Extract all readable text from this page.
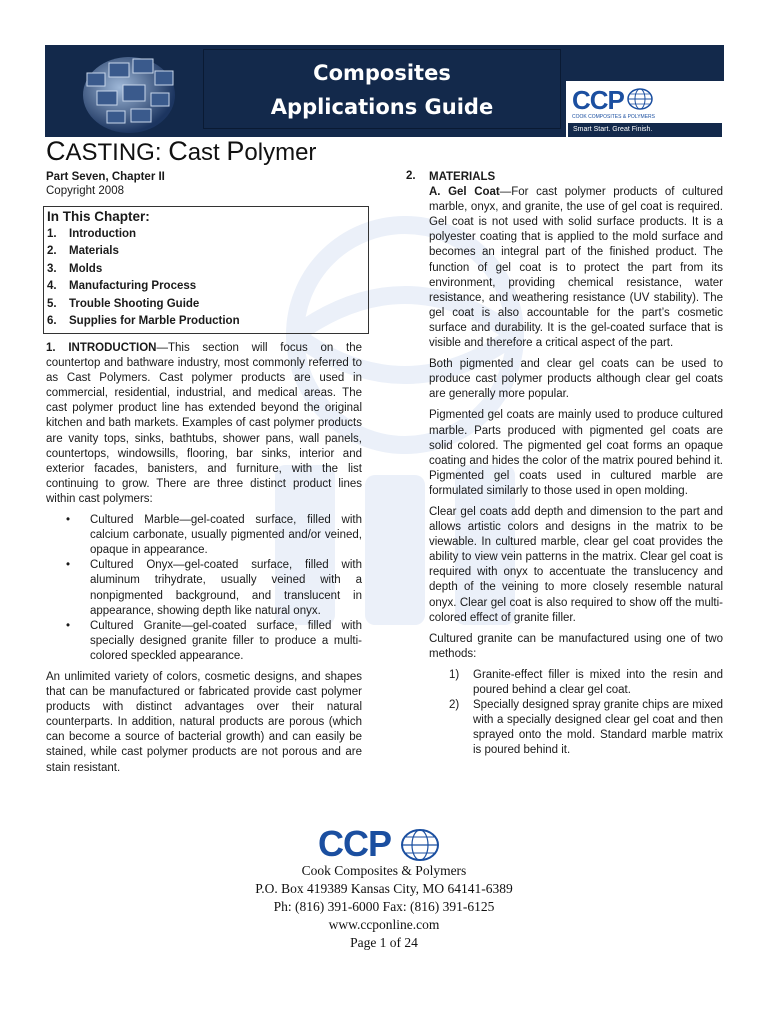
Composites
Applications Guide	CCP
COOK COMPOSITES & POLYMERS
Smart Start. Great Finish.
CASTING: Cast Polymer
Part Seven, Chapter II
Copyright 2008
In This Chapter:
1.	Introduction
2.	Materials
3.	Molds
4.	Manufacturing Process
5.	Trouble Shooting Guide
6.	Supplies for Marble Production

1. INTRODUCTION—This section will focus on the countertop and bathware industry, most commonly referred to as Cast Polymers. Cast polymer products are used in commercial, residential, industrial, and medical areas. The cast polymer product line has extended beyond the original kitchen and bath markets. Examples of cast polymer products are vanity tops, sinks, bathtubs, shower pans, wall panels, countertops, windowsills, flooring, bar sinks, interior and exterior facades, banisters, and furniture, with the list continuing to grow. There are three distinct product lines within cast polymers:

• Cultured Marble—gel-coated surface, filled with calcium carbonate, usually pigmented and/or veined, opaque in appearance.
• Cultured Onyx—gel-coated surface, filled with aluminum trihydrate, usually veined with a nonpigmented background, and translucent in appearance, showing depth like natural onyx.
• Cultured Granite—gel-coated surface, filled with specially designed granite filler to produce a multi-colored speckled appearance.

An unlimited variety of colors, cosmetic designs, and shapes that can be manufactured or fabricated provide cast polymer products with distinct advantages over their natural counterparts. In addition, natural products are porous (which can become a source of bacterial growth) and can easily be stained, while cast polymer products are not porous and are stain resistant.

2. MATERIALS

A. Gel Coat—For cast polymer products of cultured marble, onyx, and granite, the use of gel coat is required. Gel coat is not used with solid surface products. It is a polyester coating that is applied to the mold surface and becomes an integral part of the finished product. The function of gel coat is to protect the part from its environment, providing chemical resistance, water resistance, and weathering resistance (UV stability). The gel coat is also accountable for the part’s cosmetic surface and durability. It is the gel-coated surface that is visible and therefore a critical aspect of the part.

Both pigmented and clear gel coats can be used to produce cast polymer products although clear gel coats are generally more popular.

Pigmented gel coats are mainly used to produce cultured marble. Parts produced with pigmented gel coats are solid colored. The pigmented gel coat forms an opaque coating and hides the color of the matrix poured behind it. Pigmented gel coats used in cultured marble are formulated similarly to those used in open molding.

Clear gel coats add depth and dimension to the part and allows artistic colors and designs in the matrix to be viewable. In cultured marble, clear gel coat provides the ability to view vein patterns in the matrix. Clear gel coat is required with onyx to accentuate the translucency and depth of the veining to more closely resemble natural onyx. Clear gel coat is also required to show off the multi-colored effect of granite filler.

Cultured granite can be manufactured using one of two methods:

1) Granite-effect filler is mixed into the resin and poured behind a clear gel coat.
2) Specially designed spray granite chips are mixed with a specially designed clear gel coat and then sprayed onto the mold. Standard marble matrix is poured behind it.
CCP
Cook Composites & Polymers
P.O. Box 419389 Kansas City, MO 64141-6389
Ph: (816) 391-6000 Fax: (816) 391-6125
www.ccponline.com
Page 1 of 24
